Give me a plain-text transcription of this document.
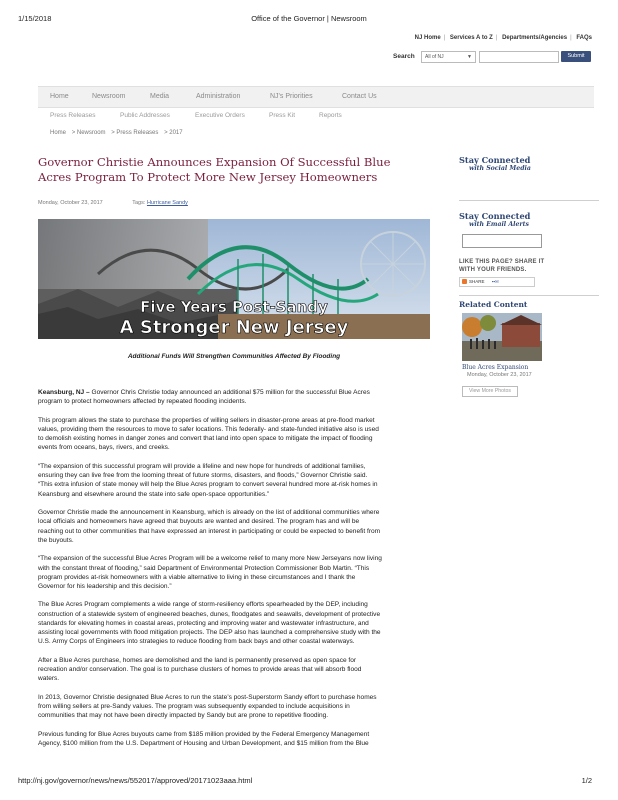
1/15/2018	Office of the Governor | Newsroom
NJ Home | Services A to Z | Departments/Agencies | FAQs
Search	All of NJ	▼	Submit
Home	Newsroom	Media	Administration	NJ's Priorities	Contact Us
Press Releases	Public Addresses	Executive Orders	Press Kit	Reports
Home > Newsroom > Press Releases > 2017
Governor Christie Announces Expansion Of Successful Blue
Acres Program To Protect More New Jersey Homeowners
Monday, October 23, 2017	Tags: Hurricane Sandy
Five Years Post-Sandy
A Stronger New Jersey
Additional Funds Will Strengthen Communities Affected By Flooding

Keansburg, NJ – Governor Chris Christie today announced an additional $75 million for the successful Blue Acres
program to protect homeowners affected by repeated flooding incidents.

This program allows the state to purchase the properties of willing sellers in disaster-prone areas at pre-flood market
values, providing them the resources to move to safer locations. This federally- and state-funded initiative also is used
to demolish existing homes in danger zones and convert that land into open space to mitigate the impact of flooding
events from oceans, bays, rivers, and creeks.

“The expansion of this successful program will provide a lifeline and new hope for hundreds of additional families,
ensuring they can live free from the looming threat of future storms, disasters, and floods,” Governor Christie said.
“This extra infusion of state money will help the Blue Acres program to convert several hundred more at-risk homes in
Keansburg and elsewhere around the state into safe open-space opportunities.”

Governor Christie made the announcement in Keansburg, which is already on the list of additional communities where
local officials and homeowners have agreed that buyouts are wanted and desired. The program has and will be
reaching out to other communities that have expressed an interest in participating or could be expected to benefit from
the buyouts.

“The expansion of the successful Blue Acres Program will be a welcome relief to many more New Jerseyans now living
with the constant threat of flooding,” said Department of Environmental Protection Commissioner Bob Martin. “This
program provides at-risk homeowners with a viable alternative to living in these circumstances and I thank the
Governor for his leadership and this decision.”

The Blue Acres Program complements a wide range of storm-resiliency efforts spearheaded by the DEP, including
construction of a statewide system of engineered beaches, dunes, floodgates and seawalls, development of protective
standards for elevating homes in coastal areas, protecting and improving water and wastewater infrastructure, and
assisting local governments with flood mitigation projects. The DEP also has launched a comprehensive study with the
U.S. Army Corps of Engineers into strategies to reduce flooding from back bays and other coastal waterways.

After a Blue Acres purchase, homes are demolished and the land is permanently preserved as open space for
recreation and/or conservation. The goal is to purchase clusters of homes to provide areas that will absorb flood
waters.

In 2013, Governor Christie designated Blue Acres to run the state’s post-Superstorm Sandy effort to purchase homes
from willing sellers at pre-Sandy values. The program was subsequently expanded to include acquisitions in
communities that may not have been directly impacted by Sandy but are prone to repetitive flooding.

Previous funding for Blue Acres buyouts came from $185 million provided by the Federal Emergency Management
Agency, $100 million from the U.S. Department of Housing and Urban Development, and $15 million from the Blue

Stay Connected
with Social Media
Stay Connected
with Email Alerts
LIKE THIS PAGE? SHARE IT
WITH YOUR FRIENDS.
SHARE ▪▪✉
Related Content
Blue Acres Expansion
Monday, October 23, 2017
View More Photos
http://nj.gov/governor/news/news/552017/approved/20171023aaa.html	1/2
